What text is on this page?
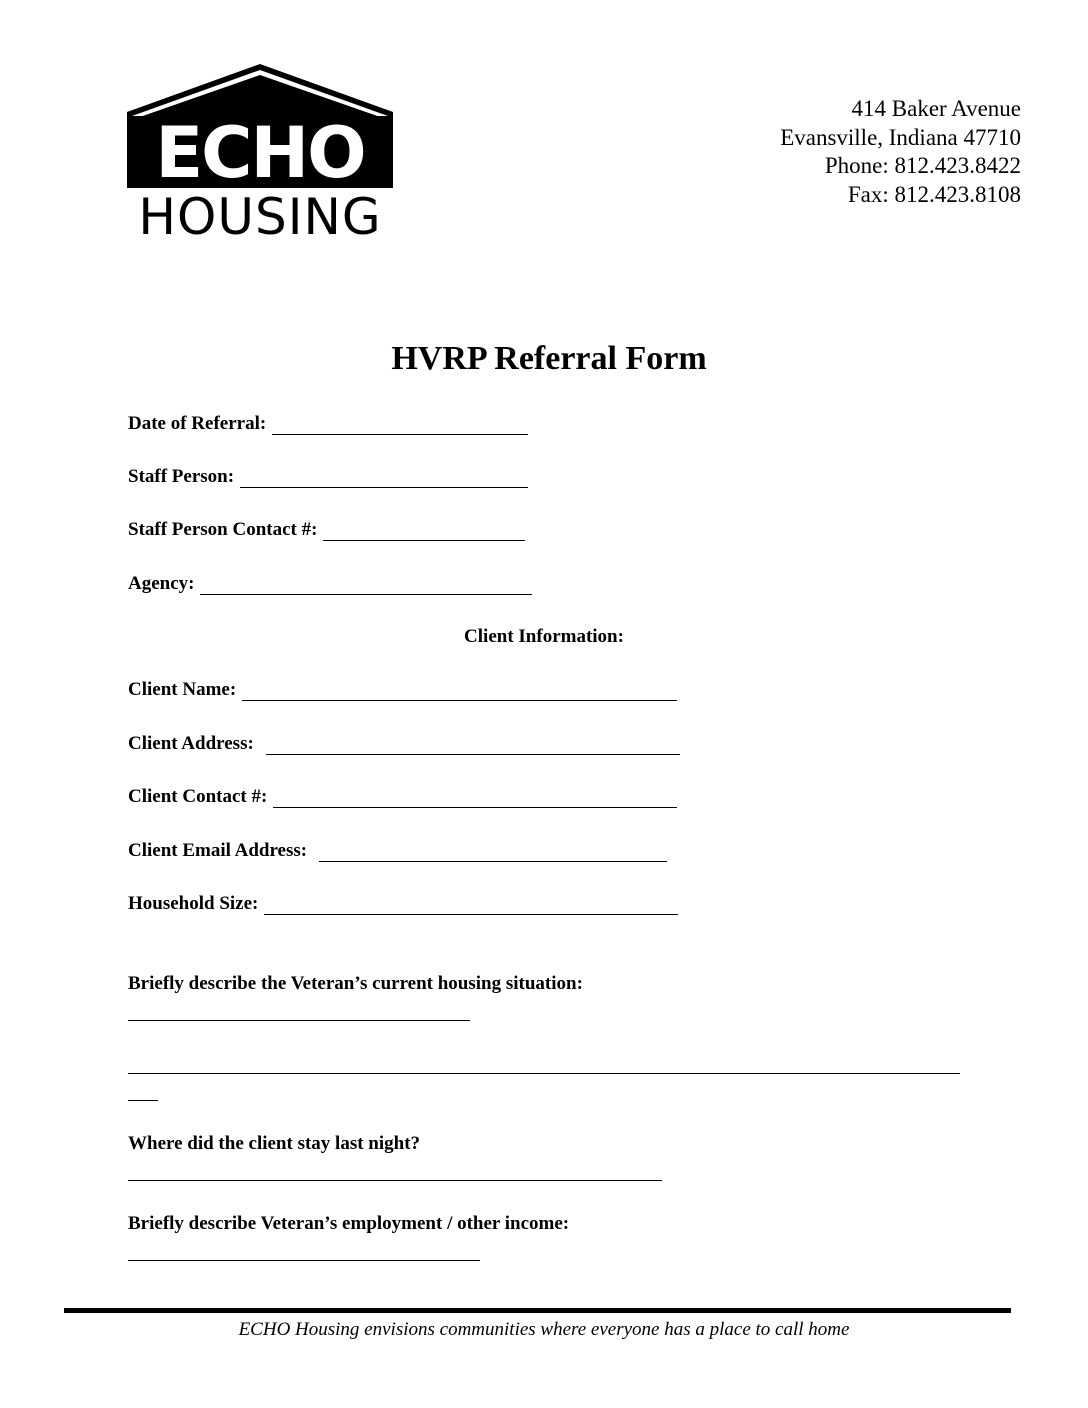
ECHO
HOUSING
414 Baker Avenue
Evansville, Indiana 47710
Phone: 812.423.8422
Fax: 812.423.8108
HVRP Referral Form
Date of Referral:
Staff Person:
Staff Person Contact #:
Agency:
Client Information:
Client Name:
Client Address:
Client Contact #:
Client Email Address:
Household Size:
Briefly describe the Veteran’s current housing situation:
Where did the client stay last night?
Briefly describe Veteran’s employment / other income:
ECHO Housing envisions communities where everyone has a place to call home
